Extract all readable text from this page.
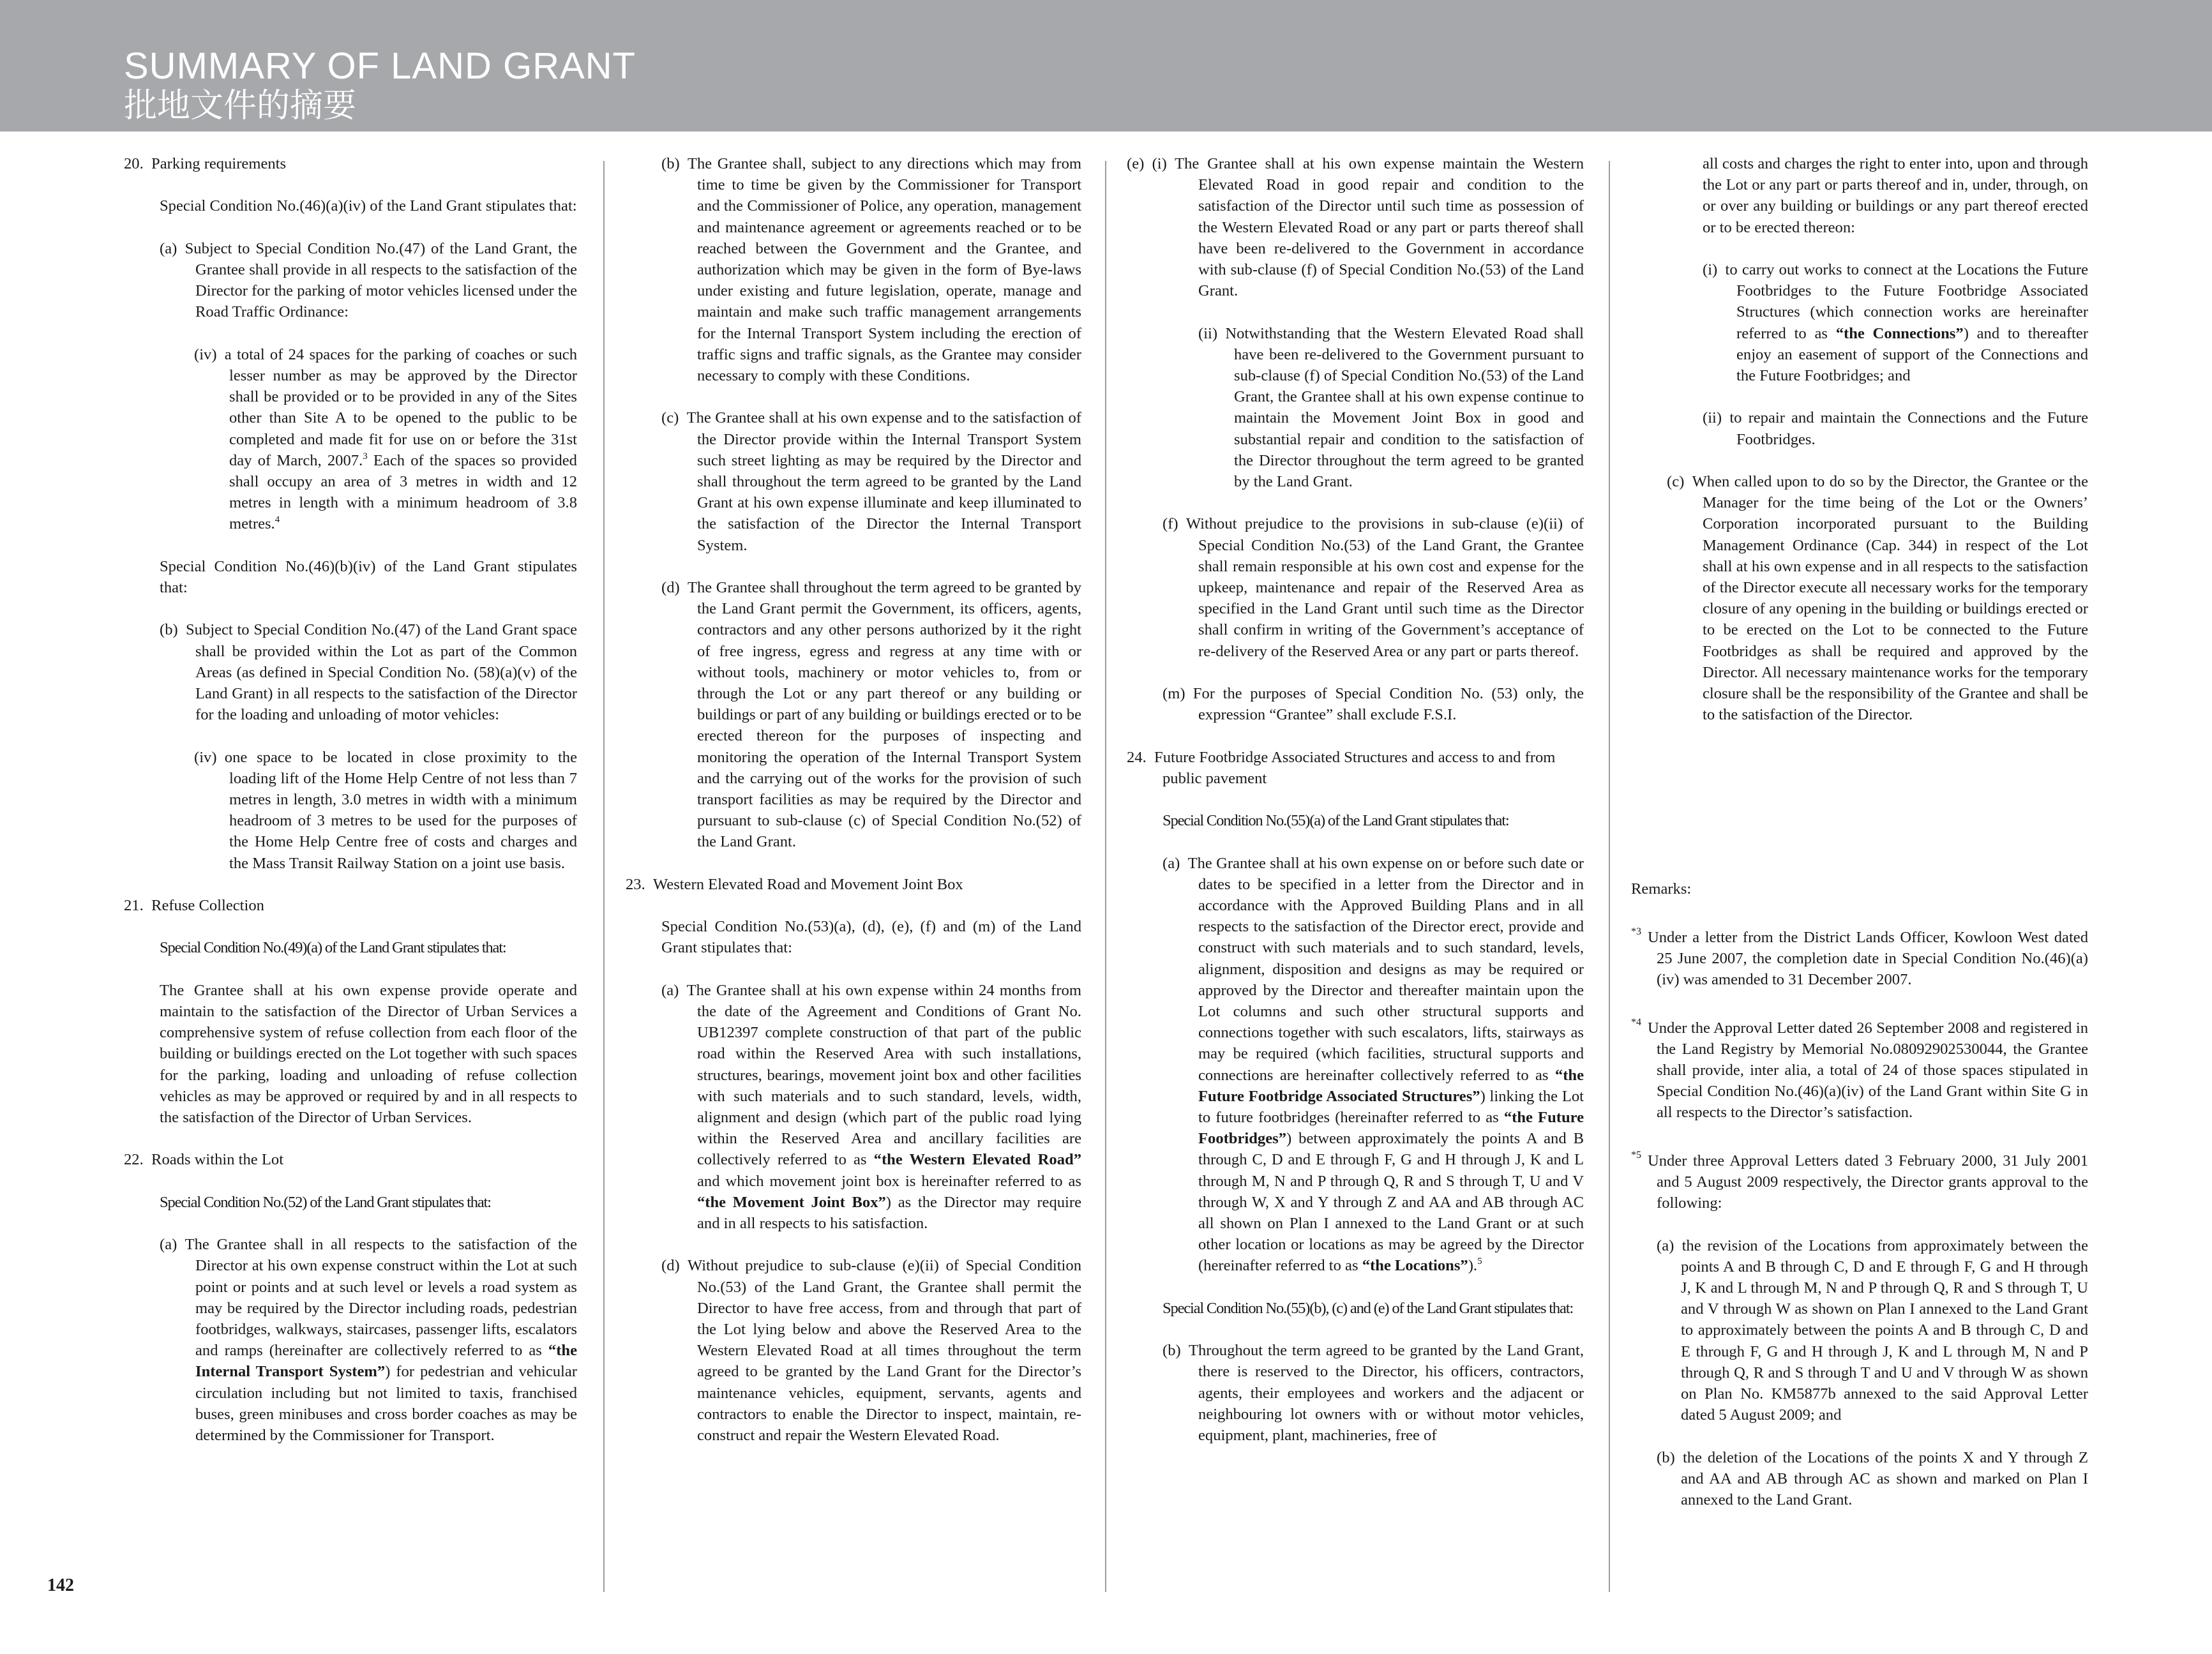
SUMMARY OF LAND GRANT
批地文件的摘要

20. Parking requirements

Special Condition No.(46)(a)(iv) of the Land Grant stipulates that:

(a) Subject to Special Condition No.(47) of the Land Grant, the Grantee shall provide in all respects to the satisfaction of the Director for the parking of motor vehicles licensed under the Road Traffic Ordinance:

(iv) a total of 24 spaces for the parking of coaches or such lesser number as may be approved by the Director shall be provided or to be provided in any of the Sites other than Site A to be opened to the public to be completed and made fit for use on or before the 31st day of March, 2007.$^3$ Each of the spaces so provided shall occupy an area of 3 metres in width and 12 metres in length with a minimum headroom of 3.8 metres.$^4$

Special Condition No.(46)(b)(iv) of the Land Grant stipulates that:

(b) Subject to Special Condition No.(47) of the Land Grant space shall be provided within the Lot as part of the Common Areas (as defined in Special Condition No. (58)(a)(v) of the Land Grant) in all respects to the satisfaction of the Director for the loading and unloading of motor vehicles:

(iv) one space to be located in close proximity to the loading lift of the Home Help Centre of not less than 7 metres in length, 3.0 metres in width with a minimum headroom of 3 metres to be used for the purposes of the Home Help Centre free of costs and charges and the Mass Transit Railway Station on a joint use basis.

21. Refuse Collection

Special Condition No.(49)(a) of the Land Grant stipulates that:

The Grantee shall at his own expense provide operate and maintain to the satisfaction of the Director of Urban Services a comprehensive system of refuse collection from each floor of the building or buildings erected on the Lot together with such spaces for the parking, loading and unloading of refuse collection vehicles as may be approved or required by and in all respects to the satisfaction of the Director of Urban Services.

22. Roads within the Lot

Special Condition No.(52) of the Land Grant stipulates that:

(a) The Grantee shall in all respects to the satisfaction of the Director at his own expense construct within the Lot at such point or points and at such level or levels a road system as may be required by the Director including roads, pedestrian footbridges, walkways, staircases, passenger lifts, escalators and ramps (hereinafter are collectively referred to as “the Internal Transport System”) for pedestrian and vehicular circulation including but not limited to taxis, franchised buses, green minibuses and cross border coaches as may be determined by the Commissioner for Transport.

(b) The Grantee shall, subject to any directions which may from time to time be given by the Commissioner for Transport and the Commissioner of Police, any operation, management and maintenance agreement or agreements reached or to be reached between the Government and the Grantee, and authorization which may be given in the form of Bye-laws under existing and future legislation, operate, manage and maintain and make such traffic management arrangements for the Internal Transport System including the erection of traffic signs and traffic signals, as the Grantee may consider necessary to comply with these Conditions.

(c) The Grantee shall at his own expense and to the satisfaction of the Director provide within the Internal Transport System such street lighting as may be required by the Director and shall throughout the term agreed to be granted by the Land Grant at his own expense illuminate and keep illuminated to the satisfaction of the Director the Internal Transport System.

(d) The Grantee shall throughout the term agreed to be granted by the Land Grant permit the Government, its officers, agents, contractors and any other persons authorized by it the right of free ingress, egress and regress at any time with or without tools, machinery or motor vehicles to, from or through the Lot or any part thereof or any building or buildings or part of any building or buildings erected or to be erected thereon for the purposes of inspecting and monitoring the operation of the Internal Transport System and the carrying out of the works for the provision of such transport facilities as may be required by the Director and pursuant to sub-clause (c) of Special Condition No.(52) of the Land Grant.

23. Western Elevated Road and Movement Joint Box

Special Condition No.(53)(a), (d), (e), (f) and (m) of the Land Grant stipulates that:

(a) The Grantee shall at his own expense within 24 months from the date of the Agreement and Conditions of Grant No. UB12397 complete construction of that part of the public road within the Reserved Area with such installations, structures, bearings, movement joint box and other facilities with such materials and to such standard, levels, width, alignment and design (which part of the public road lying within the Reserved Area and ancillary facilities are collectively referred to as “the Western Elevated Road” and which movement joint box is hereinafter referred to as “the Movement Joint Box”) as the Director may require and in all respects to his satisfaction.

(d) Without prejudice to sub-clause (e)(ii) of Special Condition No.(53) of the Land Grant, the Grantee shall permit the Director to have free access, from and through that part of the Lot lying below and above the Reserved Area to the Western Elevated Road at all times throughout the term agreed to be granted by the Land Grant for the Director’s maintenance vehicles, equipment, servants, agents and contractors to enable the Director to inspect, maintain, re-construct and repair the Western Elevated Road.

(e) (i) The Grantee shall at his own expense maintain the Western Elevated Road in good repair and condition to the satisfaction of the Director until such time as possession of the Western Elevated Road or any part or parts thereof shall have been re-delivered to the Government in accordance with sub-clause (f) of Special Condition No.(53) of the Land Grant.

(ii) Notwithstanding that the Western Elevated Road shall have been re-delivered to the Government pursuant to sub-clause (f) of Special Condition No.(53) of the Land Grant, the Grantee shall at his own expense continue to maintain the Movement Joint Box in good and substantial repair and condition to the satisfaction of the Director throughout the term agreed to be granted by the Land Grant.

(f) Without prejudice to the provisions in sub-clause (e)(ii) of Special Condition No.(53) of the Land Grant, the Grantee shall remain responsible at his own cost and expense for the upkeep, maintenance and repair of the Reserved Area as specified in the Land Grant until such time as the Director shall confirm in writing of the Government’s acceptance of re-delivery of the Reserved Area or any part or parts thereof.

(m) For the purposes of Special Condition No. (53) only, the expression “Grantee” shall exclude F.S.I.

24. Future Footbridge Associated Structures and access to and from public pavement

Special Condition No.(55)(a) of the Land Grant stipulates that:

(a) The Grantee shall at his own expense on or before such date or dates to be specified in a letter from the Director and in accordance with the Approved Building Plans and in all respects to the satisfaction of the Director erect, provide and construct with such materials and to such standard, levels, alignment, disposition and designs as may be required or approved by the Director and thereafter maintain upon the Lot columns and such other structural supports and connections together with such escalators, lifts, stairways as may be required (which facilities, structural supports and connections are hereinafter collectively referred to as “the Future Footbridge Associated Structures”) linking the Lot to future footbridges (hereinafter referred to as “the Future Footbridges”) between approximately the points A and B through C, D and E through F, G and H through J, K and L through M, N and P through Q, R and S through T, U and V through W, X and Y through Z and AA and AB through AC all shown on Plan I annexed to the Land Grant or at such other location or locations as may be agreed by the Director (hereinafter referred to as “the Locations”).$^5$

Special Condition No.(55)(b), (c) and (e) of the Land Grant stipulates that:

(b) Throughout the term agreed to be granted by the Land Grant, there is reserved to the Director, his officers, contractors, agents, their employees and workers and the adjacent or neighbouring lot owners with or without motor vehicles, equipment, plant, machineries, free of

all costs and charges the right to enter into, upon and through the Lot or any part or parts thereof and in, under, through, on or over any building or buildings or any part thereof erected or to be erected thereon:

(i) to carry out works to connect at the Locations the Future Footbridges to the Future Footbridge Associated Structures (which connection works are hereinafter referred to as “the Connections”) and to thereafter enjoy an easement of support of the Connections and the Future Footbridges; and

(ii) to repair and maintain the Connections and the Future Footbridges.

(c) When called upon to do so by the Director, the Grantee or the Manager for the time being of the Lot or the Owners’ Corporation incorporated pursuant to the Building Management Ordinance (Cap. 344) in respect of the Lot shall at his own expense and in all respects to the satisfaction of the Director execute all necessary works for the temporary closure of any opening in the building or buildings erected or to be erected on the Lot to be connected to the Future Footbridges as shall be required and approved by the Director. All necessary maintenance works for the temporary closure shall be the responsibility of the Grantee and shall be to the satisfaction of the Director.

Remarks:

$^{*3}$ Under a letter from the District Lands Officer, Kowloon West dated 25 June 2007, the completion date in Special Condition No.(46)(a)(iv) was amended to 31 December 2007.

$^{*4}$ Under the Approval Letter dated 26 September 2008 and registered in the Land Registry by Memorial No.08092902530044, the Grantee shall provide, inter alia, a total of 24 of those spaces stipulated in Special Condition No.(46)(a)(iv) of the Land Grant within Site G in all respects to the Director’s satisfaction.

$^{*5}$ Under three Approval Letters dated 3 February 2000, 31 July 2001 and 5 August 2009 respectively, the Director grants approval to the following:

(a) the revision of the Locations from approximately between the points A and B through C, D and E through F, G and H through J, K and L through M, N and P through Q, R and S through T, U and V through W as shown on Plan I annexed to the Land Grant to approximately between the points A and B through C, D and E through F, G and H through J, K and L through M, N and P through Q, R and S through T and U and V through W as shown on Plan No. KM5877b annexed to the said Approval Letter dated 5 August 2009; and

(b) the deletion of the Locations of the points X and Y through Z and AA and AB through AC as shown and marked on Plan I annexed to the Land Grant.

142
